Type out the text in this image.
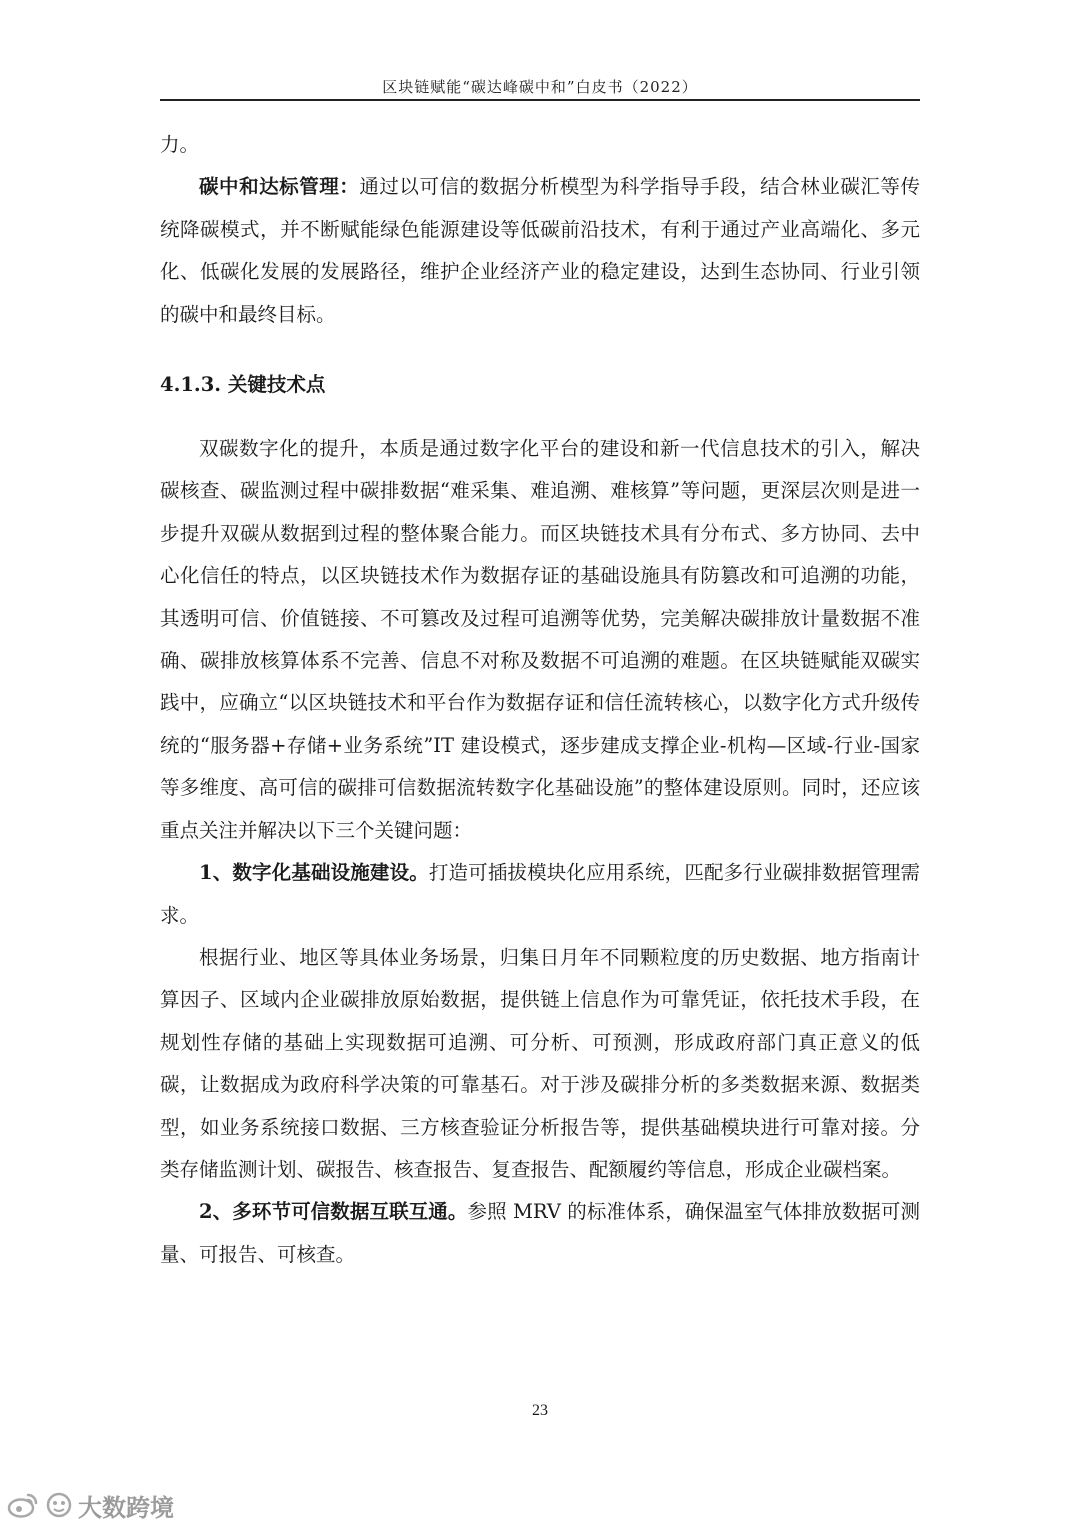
区块链赋能“碳达峰碳中和”白皮书（2022）

力。

碳中和达标管理：通过以可信的数据分析模型为科学指导手段，结合林业碳汇等传统降碳模式，并不断赋能绿色能源建设等低碳前沿技术，有利于通过产业高端化、多元化、低碳化发展的发展路径，维护企业经济产业的稳定建设，达到生态协同、行业引领的碳中和最终目标。

4.1.3. 关键技术点

双碳数字化的提升，本质是通过数字化平台的建设和新一代信息技术的引入，解决碳核查、碳监测过程中碳排数据“难采集、难追溯、难核算”等问题，更深层次则是进一步提升双碳从数据到过程的整体聚合能力。而区块链技术具有分布式、多方协同、去中心化信任的特点，以区块链技术作为数据存证的基础设施具有防篡改和可追溯的功能，其透明可信、价值链接、不可篡改及过程可追溯等优势，完美解决碳排放计量数据不准确、碳排放核算体系不完善、信息不对称及数据不可追溯的难题。在区块链赋能双碳实践中，应确立“以区块链技术和平台作为数据存证和信任流转核心，以数字化方式升级传统的“服务器+存储+业务系统”IT 建设模式，逐步建成支撑企业-机构—区域-行业-国家等多维度、高可信的碳排可信数据流转数字化基础设施”的整体建设原则。同时，还应该重点关注并解决以下三个关键问题：

1、数字化基础设施建设。打造可插拔模块化应用系统，匹配多行业碳排数据管理需求。

根据行业、地区等具体业务场景，归集日月年不同颗粒度的历史数据、地方指南计算因子、区域内企业碳排放原始数据，提供链上信息作为可靠凭证，依托技术手段，在规划性存储的基础上实现数据可追溯、可分析、可预测，形成政府部门真正意义的低碳，让数据成为政府科学决策的可靠基石。对于涉及碳排分析的多类数据来源、数据类型，如业务系统接口数据、三方核查验证分析报告等，提供基础模块进行可靠对接。分类存储监测计划、碳报告、核查报告、复查报告、配额履约等信息，形成企业碳档案。

2、多环节可信数据互联互通。参照 MRV 的标准体系，确保温室气体排放数据可测量、可报告、可核查。

23
大数跨境
